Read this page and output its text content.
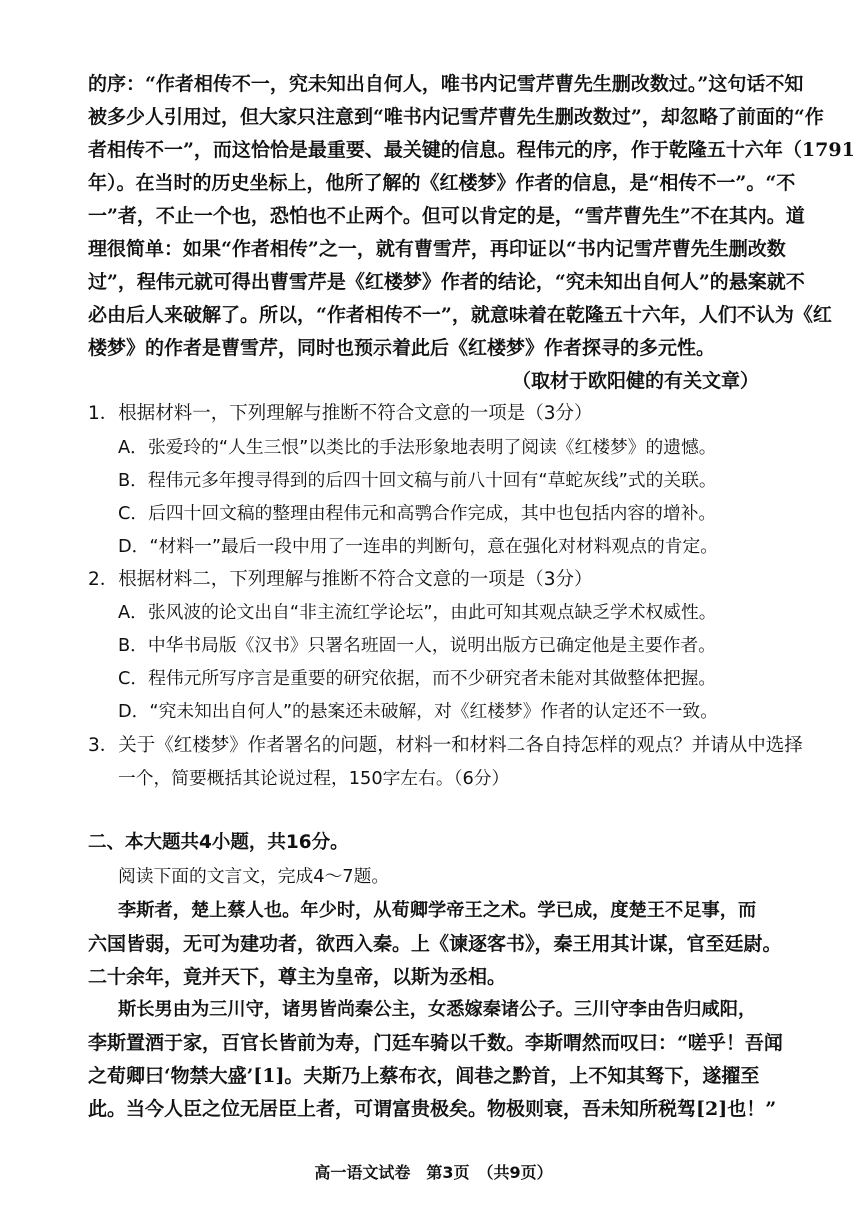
的序：“作者相传不一，究未知出自何人，唯书内记雪芹曹先生删改数过。”这句话不知
被多少人引用过，但大家只注意到“唯书内记雪芹曹先生删改数过”，却忽略了前面的“作
者相传不一”，而这恰恰是最重要、最关键的信息。程伟元的序，作于乾隆五十六年（1791
年）。在当时的历史坐标上，他所了解的《红楼梦》作者的信息，是“相传不一”。“不
一”者，不止一个也，恐怕也不止两个。但可以肯定的是，“雪芹曹先生”不在其内。道
理很简单：如果“作者相传”之一，就有曹雪芹，再印证以“书内记雪芹曹先生删改数
过”，程伟元就可得出曹雪芹是《红楼梦》作者的结论，“究未知出自何人”的悬案就不
必由后人来破解了。所以，“作者相传不一”，就意味着在乾隆五十六年，人们不认为《红
楼梦》的作者是曹雪芹，同时也预示着此后《红楼梦》作者探寻的多元性。
（取材于欧阳健的有关文章）
1．根据材料一，下列理解与推断不符合文意的一项是（3分）
A．张爱玲的“人生三恨”以类比的手法形象地表明了阅读《红楼梦》的遗憾。
B．程伟元多年搜寻得到的后四十回文稿与前八十回有“草蛇灰线”式的关联。
C．后四十回文稿的整理由程伟元和高鹗合作完成，其中也包括内容的增补。
D．“材料一”最后一段中用了一连串的判断句，意在强化对材料观点的肯定。
2．根据材料二，下列理解与推断不符合文意的一项是（3分）
A．张风波的论文出自“非主流红学论坛”，由此可知其观点缺乏学术权威性。
B．中华书局版《汉书》只署名班固一人，说明出版方已确定他是主要作者。
C．程伟元所写序言是重要的研究依据，而不少研究者未能对其做整体把握。
D．“究未知出自何人”的悬案还未破解，对《红楼梦》作者的认定还不一致。
3．关于《红楼梦》作者署名的问题，材料一和材料二各自持怎样的观点？并请从中选择
一个，简要概括其论说过程，150字左右。（6分）
二、本大题共4小题，共16分。
阅读下面的文言文，完成4～7题。
李斯者，楚上蔡人也。年少时，从荀卿学帝王之术。学已成，度楚王不足事，而
六国皆弱，无可为建功者，欲西入秦。上《谏逐客书》，秦王用其计谋，官至廷尉。
二十余年，竟并天下，尊主为皇帝，以斯为丞相。
斯长男由为三川守，诸男皆尚秦公主，女悉嫁秦诸公子。三川守李由告归咸阳，
李斯置酒于家，百官长皆前为寿，门廷车骑以千数。李斯喟然而叹曰：“嗟乎！吾闻
之荀卿曰‘物禁大盛’[1]。夫斯乃上蔡布衣，闾巷之黔首，上不知其驽下，遂擢至
此。当今人臣之位无居臣上者，可谓富贵极矣。物极则衰，吾未知所税驾[2]也！”
高一语文试卷　第3页　（共9页）
